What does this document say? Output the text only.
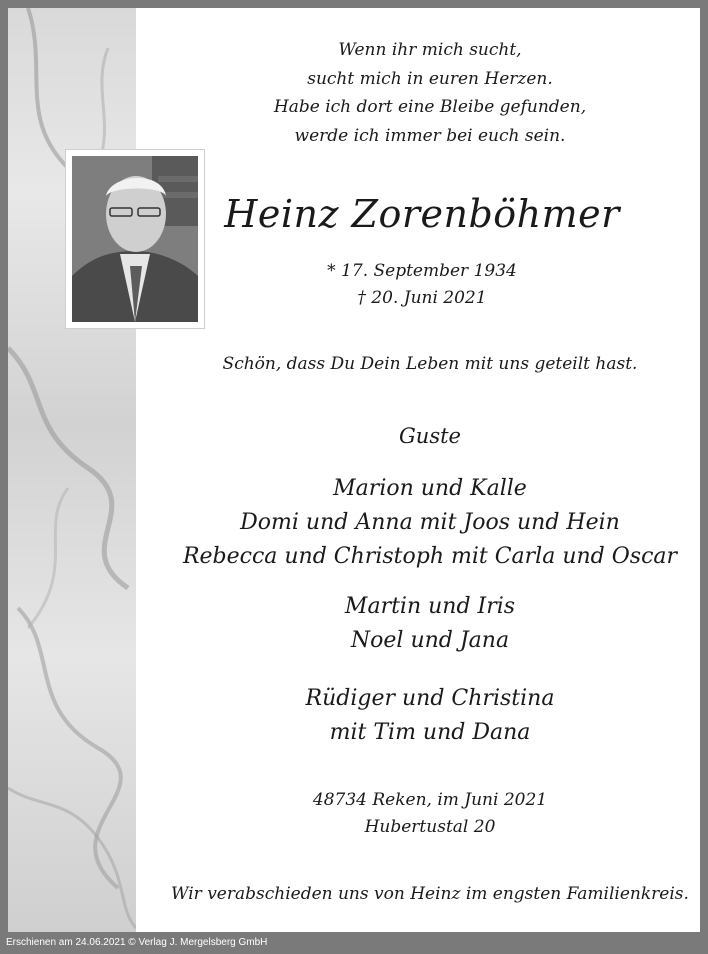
Wenn ihr mich sucht,
sucht mich in euren Herzen.
Habe ich dort eine Bleibe gefunden,
werde ich immer bei euch sein.
Heinz Zorenböhmer
* 17. September 1934
† 20. Juni 2021
Schön, dass Du Dein Leben mit uns geteilt hast.
Guste
Marion und Kalle
Domi und Anna mit Joos und Hein
Rebecca und Christoph mit Carla und Oscar
Martin und Iris
Noel und Jana
Rüdiger und Christina
mit Tim und Dana
48734 Reken, im Juni 2021
Hubertustal 20
Wir verabschieden uns von Heinz im engsten Familienkreis.
Erschienen am 24.06.2021 © Verlag J. Mergelsberg GmbH
